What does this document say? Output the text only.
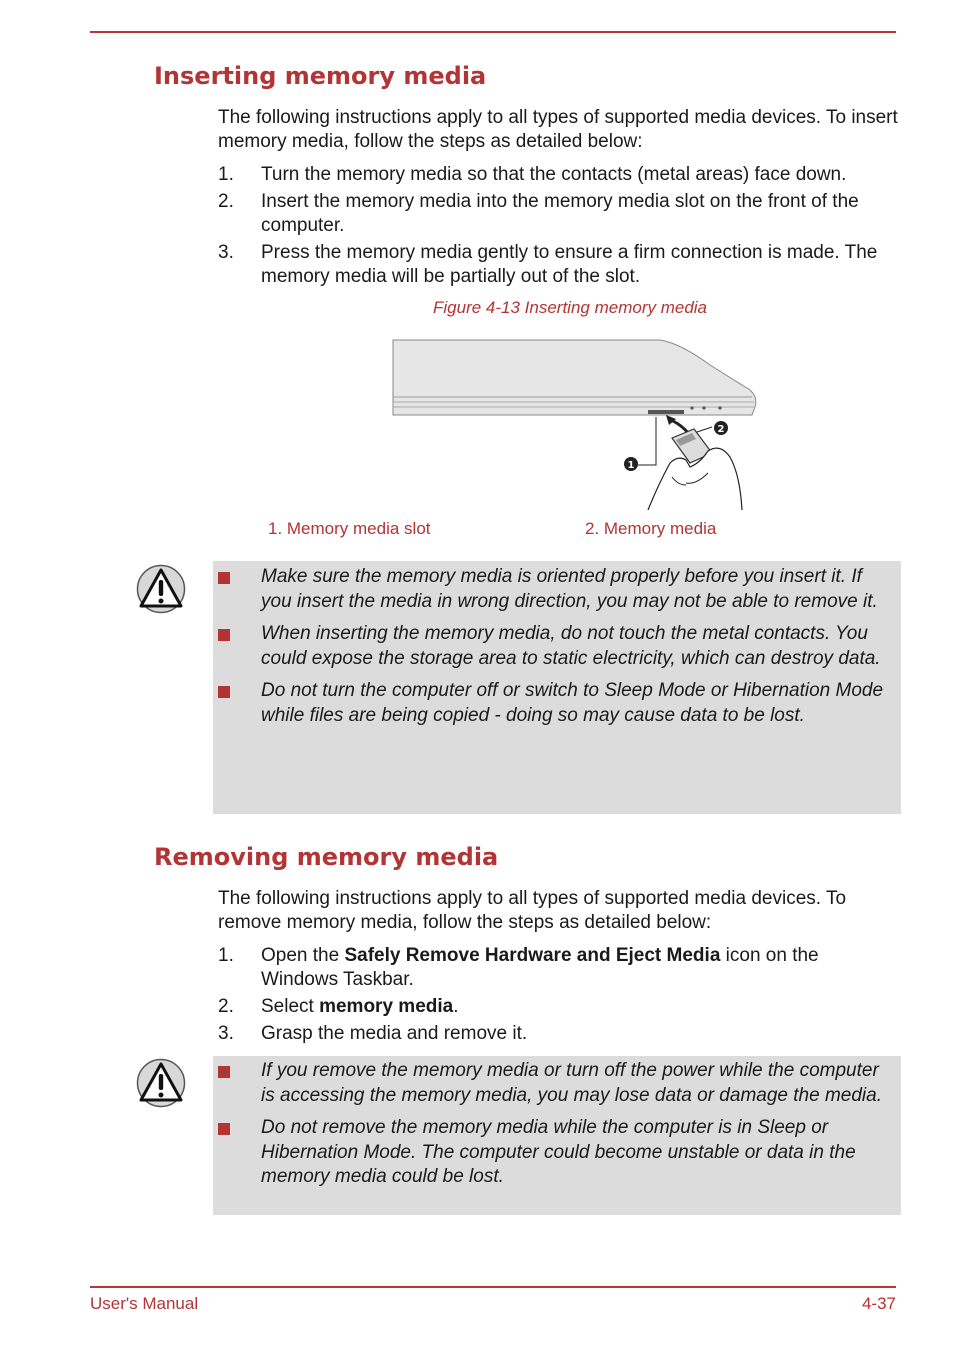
Inserting memory media

The following instructions apply to all types of supported media devices. To insert memory media, follow the steps as detailed below:

1. Turn the memory media so that the contacts (metal areas) face down.
2. Insert the memory media into the memory media slot on the front of the computer.
3. Press the memory media gently to ensure a firm connection is made. The memory media will be partially out of the slot.
Figure 4-13 Inserting memory media
1
2
1. Memory media slot	2. Memory media
Make sure the memory media is oriented properly before you insert it. If you insert the media in wrong direction, you may not be able to remove it.
When inserting the memory media, do not touch the metal contacts. You could expose the storage area to static electricity, which can destroy data.
Do not turn the computer off or switch to Sleep Mode or Hibernation Mode while files are being copied - doing so may cause data to be lost.
Removing memory media

The following instructions apply to all types of supported media devices. To remove memory media, follow the steps as detailed below:

1. Open the Safely Remove Hardware and Eject Media icon on the Windows Taskbar.
2. Select memory media.
3. Grasp the media and remove it.
If you remove the memory media or turn off the power while the computer is accessing the memory media, you may lose data or damage the media.
Do not remove the memory media while the computer is in Sleep or Hibernation Mode. The computer could become unstable or data in the memory media could be lost.
User's Manual	4-37
